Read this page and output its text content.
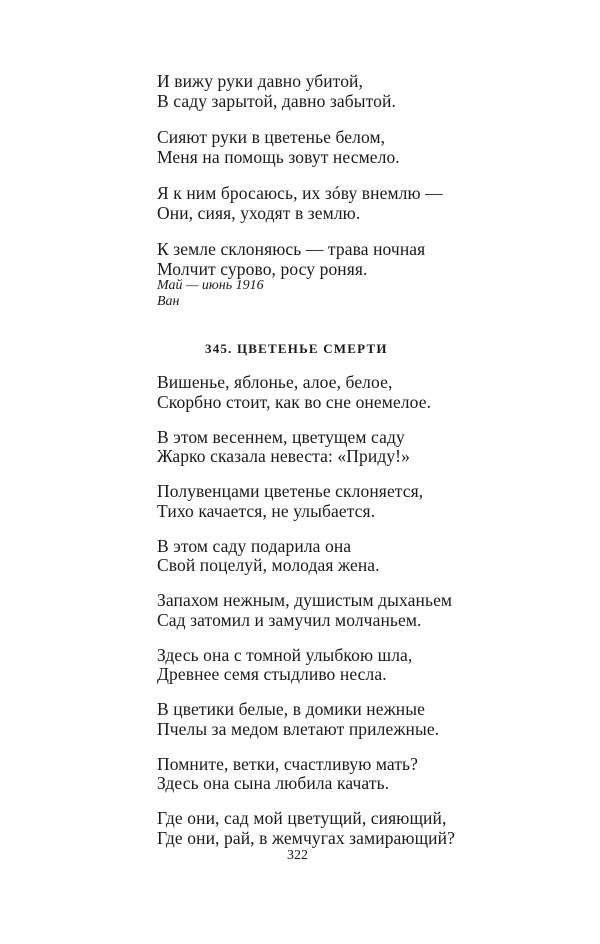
И вижу руки давно убитой,
В саду зарытой, давно забытой.
Сияют руки в цветенье белом,
Меня на помощь зовут несмело.
Я к ним бросаюсь, их зóву внемлю —
Они, сияя, уходят в землю.
К земле склоняюсь — трава ночная
Молчит сурово, росу роняя.
Май — июнь 1916
Ван
345. ЦВЕТЕНЬЕ СМЕРТИ
Вишенье, яблонье, алое, белое,
Скорбно стоит, как во сне онемелое.
В этом весеннем, цветущем саду
Жарко сказала невеста: «Приду!»
Полувенцами цветенье склоняется,
Тихо качается, не улыбается.
В этом саду подарила она
Свой поцелуй, молодая жена.
Запахом нежным, душистым дыханьем
Сад затомил и замучил молчаньем.
Здесь она с томной улыбкою шла,
Древнее семя стыдливо несла.
В цветики белые, в домики нежные
Пчелы за медом влетают прилежные.
Помните, ветки, счастливую мать?
Здесь она сына любила качать.
Где они, сад мой цветущий, сияющий,
Где они, рай, в жемчугах замирающий?
322
